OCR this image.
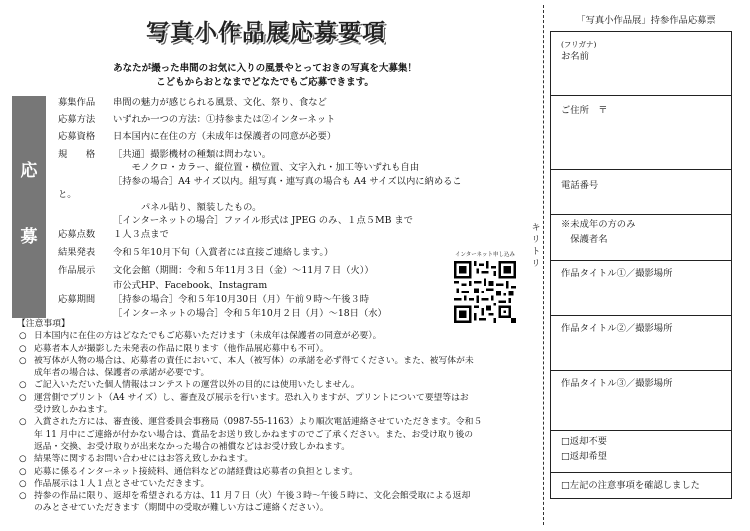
写真小作品展応募要項
あなたが撮った串間のお気に入りの風景やとっておきの写真を大募集！
こどもからおとなまでどなたでもご応募できます。
応
募
募集作品 串間の魅力が感じられる風景、文化、祭り、食など
応募方法 いずれか一つの方法：①持参または②インターネット
応募資格 日本国内に在住の方（未成年は保護者の同意が必要）
規　　格 ［共通］撮影機材の種類は問わない。
　　モノクロ・カラー、縦位置・横位置、文字入れ・加工等いずれも自由
［持参の場合］A4 サイズ以内。組写真・連写真の場合も A4 サイズ以内に納めるこ
と。
　　　パネル貼り、額装したもの。
［インターネットの場合］ファイル形式は JPEG のみ、１点５MB まで
応募点数 １人３点まで
結果発表 令和５年10月下旬（入賞者には直接ご連絡します。）
作品展示 文化会館（期間：令和５年11月３日（金）～11月７日（火））
市公式HP、Facebook、Instagram
応募期間 ［持参の場合］令和５年10月30日（月）午前９時～午後３時
［インターネットの場合］令和５年10月２日（月）～18日（水）
インターネット申し込み
【注意事項】
○ 日本国内に在住の方はどなたでもご応募いただけます（未成年は保護者の同意が必要）。
○ 応募者本人が撮影した未発表の作品に限ります（他作品展応募中も不可）。
○ 被写体が人物の場合は、応募者の責任において、本人（被写体）の承諾を必ず得てください。また、被写体が未
成年者の場合は、保護者の承諾が必要です。
○ ご記入いただいた個人情報はコンテストの運営以外の目的には使用いたしません。
○ 運営側でプリント（A4 サイズ）し、審査及び展示を行います。恐れ入りますが、プリントについて要望等はお
受け致しかねます。
○ 入賞された方には、審査後、運営委員会事務局（0987-55-1163）より順次電話連絡させていただきます。令和５
年 11 月中にご連絡が付かない場合は、賞品をお送り致しかねますのでご了承ください。また、お受け取り後の
返品・交換、お受け取りが出来なかった場合の補償などはお受け致しかねます。
○ 結果等に関するお問い合わせにはお答え致しかねます。
○ 応募に係るインターネット接続料、通信料などの諸経費は応募者の負担とします。
○ 作品展示は１人１点とさせていただきます。
○ 持参の作品に限り、返却を希望される方は、11 月７日（火）午後３時～午後５時に、文化会館受取による返却
のみとさせていただきます（期間中の受取が難しい方はご連絡ください）。
キ
リ
ト
リ
「写真小作品展」持参作品応募票
(フリガナ)
お名前
ご住所　〒
電話番号
※未成年の方のみ
　保護者名
作品タイトル①／撮影場所
作品タイトル②／撮影場所
作品タイトル③／撮影場所
□返却不要
□返却希望
□左記の注意事項を確認しました
